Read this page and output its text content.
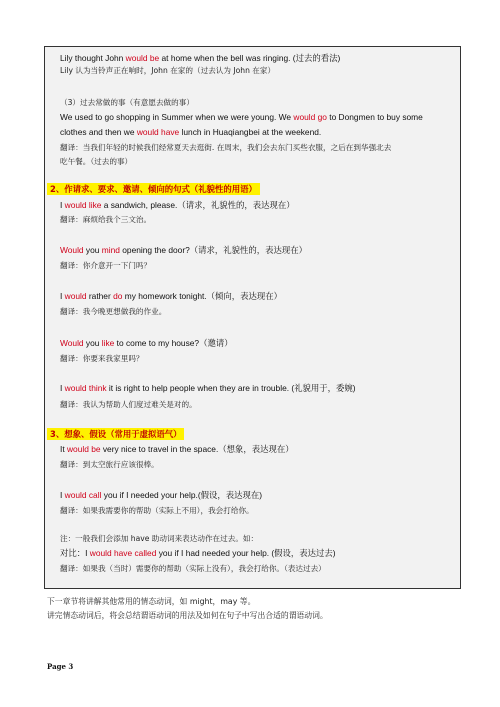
Lily thought John would be at home when the bell was ringing. (过去的看法)
Lily 认为当铃声正在响时，John 在家的（过去认为 John 在家）
（3）过去常做的事（有意愿去做的事）
We used to go shopping in Summer when we were young. We would go to Dongmen to buy some
clothes and then we would have lunch in Huaqiangbei at the weekend.
翻译：当我们年轻的时候我们经常夏天去逛街. 在周末，我们会去东门买些衣服，之后在到华强北去
吃午餐。（过去的事）
2、作请求、要求、邀请、倾向的句式（礼貌性的用语）
I would like a sandwich, please.（请求，礼貌性的，表达现在）
翻译：麻烦给我个三文治。
Would you mind opening the door?（请求，礼貌性的，表达现在）
翻译：你介意开一下门吗？
I would rather do my homework tonight.（倾向，表达现在）
翻译：我今晚更想做我的作业。
Would you like to come to my house?（邀请）
翻译：你要来我家里吗？
I would think it is right to help people when they are in trouble. (礼貌用于，委婉)
翻译：我认为帮助人们度过难关是对的。
3、想象、假设（常用于虚拟语气）
It would be very nice to travel in the space.（想象，表达现在）
翻译：到太空旅行应该很棒。
I would call you if I needed your help.(假设，表达现在)
翻译：如果我需要你的帮助（实际上不用），我会打给你。
注：一般我们会添加 have 助动词来表达动作在过去。如：
对比：I would have called you if I had needed your help. (假设，表达过去)
翻译：如果我（当时）需要你的帮助（实际上没有），我会打给你。（表达过去）
下一章节将讲解其他常用的情态动词，如 might，may 等。
讲完情态动词后，将会总结谓语动词的用法及如何在句子中写出合适的谓语动词。
Page 3
